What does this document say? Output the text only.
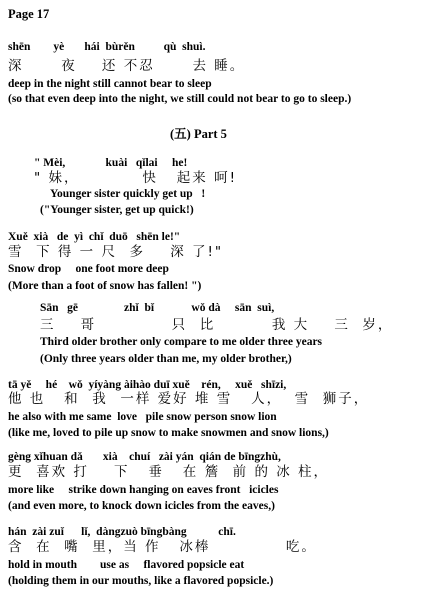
Page 17
shēn        yè       hái  bùrěn          qù  shuì.
深      夜    还 不忍      去 睡。
deep in the night still cannot bear to sleep
(so that even deep into the night, we still could not bear to go to sleep.)
(五) Part 5
" Mèi,              kuài   qǐlai     he!
" 妹，          快   起来 呵!
Younger sister quickly get up   !
("Younger sister, get up quick!)
Xuě  xià   de  yì  chǐ  duō   shēn le!"
雪  下 得 一 尺  多    深 了!"
Snow drop     one foot more deep
(More than a foot of snow has fallen! ")
Sān   gē                zhǐ  bǐ             wǒ dà     sān  suì,
三    哥            只  比         我 大    三  岁，
Third older brother only compare to me older three years
(Only three years older than me, my older brother,)
tā yě     hé    wǒ  yíyàng àihào duī xuě    rén,     xuě   shīzi,
他 也   和  我  一样 爱好 堆 雪   人，  雪  狮子，
he also with me same  love   pile snow person snow lion
(like me, loved to pile up snow to make snowmen and snow lions,)
gèng xǐhuan dǎ       xià    chuí   zài yán  qián de bīngzhù,
更  喜欢 打    下   垂   在 簷  前 的 冰 柱，
more like     strike down hanging on eaves front   icicles
(and even more, to knock down icicles from the eaves,)
hán  zài zuǐ      lǐ,  dàngzuò bīngbàng           chī.
含  在  嘴  里，当 作   冰棒            吃。
hold in mouth        use as     flavored popsicle eat
(holding them in our mouths, like a flavored popsicle.)
